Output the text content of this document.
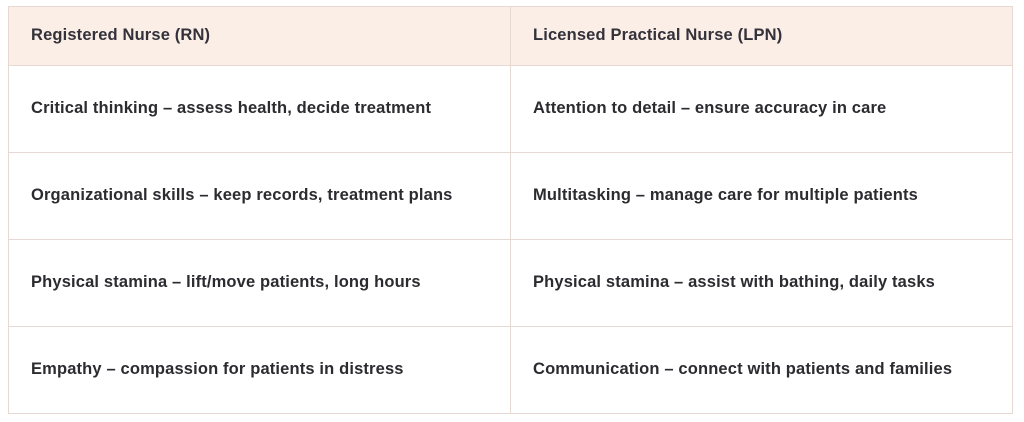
Registered Nurse (RN)	Licensed Practical Nurse (LPN)
Critical thinking – assess health, decide treatment	Attention to detail – ensure accuracy in care
Organizational skills – keep records, treatment plans	Multitasking – manage care for multiple patients
Physical stamina – lift/move patients, long hours	Physical stamina – assist with bathing, daily tasks
Empathy – compassion for patients in distress	Communication – connect with patients and families
